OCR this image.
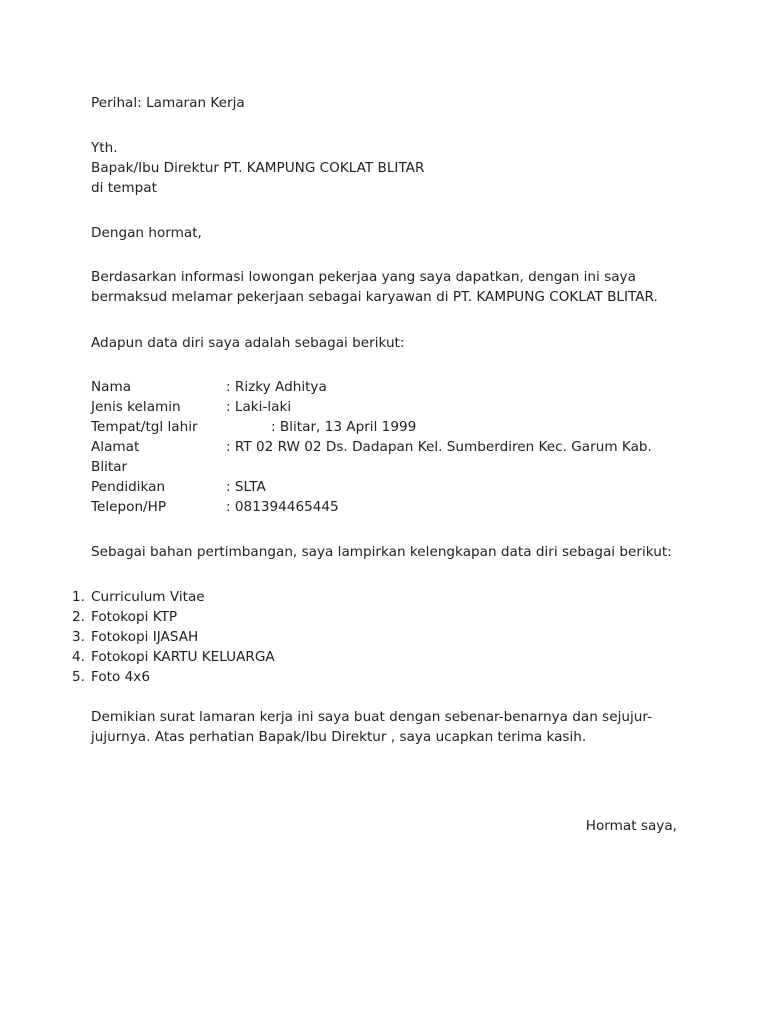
Perihal: Lamaran Kerja
Yth.
Bapak/Ibu Direktur PT. KAMPUNG COKLAT BLITAR
di tempat
Dengan hormat,
Berdasarkan informasi lowongan pekerjaa yang saya dapatkan, dengan ini saya
bermaksud melamar pekerjaan sebagai karyawan di PT. KAMPUNG COKLAT BLITAR.
Adapun data diri saya adalah sebagai berikut:
Nama	: Rizky Adhitya
Jenis kelamin	: Laki-laki
Tempat/tgl lahir	: Blitar, 13 April 1999
Alamat	: RT 02 RW 02 Ds. Dadapan Kel. Sumberdiren Kec. Garum Kab.
Blitar
Pendidikan	: SLTA
Telepon/HP	: 081394465445
Sebagai bahan pertimbangan, saya lampirkan kelengkapan data diri sebagai berikut:
1. Curriculum Vitae
2. Fotokopi KTP
3. Fotokopi IJASAH
4. Fotokopi KARTU KELUARGA
5. Foto 4x6
Demikian surat lamaran kerja ini saya buat dengan sebenar-benarnya dan sejujur-
jujurnya. Atas perhatian Bapak/Ibu Direktur , saya ucapkan terima kasih.
Hormat saya,
